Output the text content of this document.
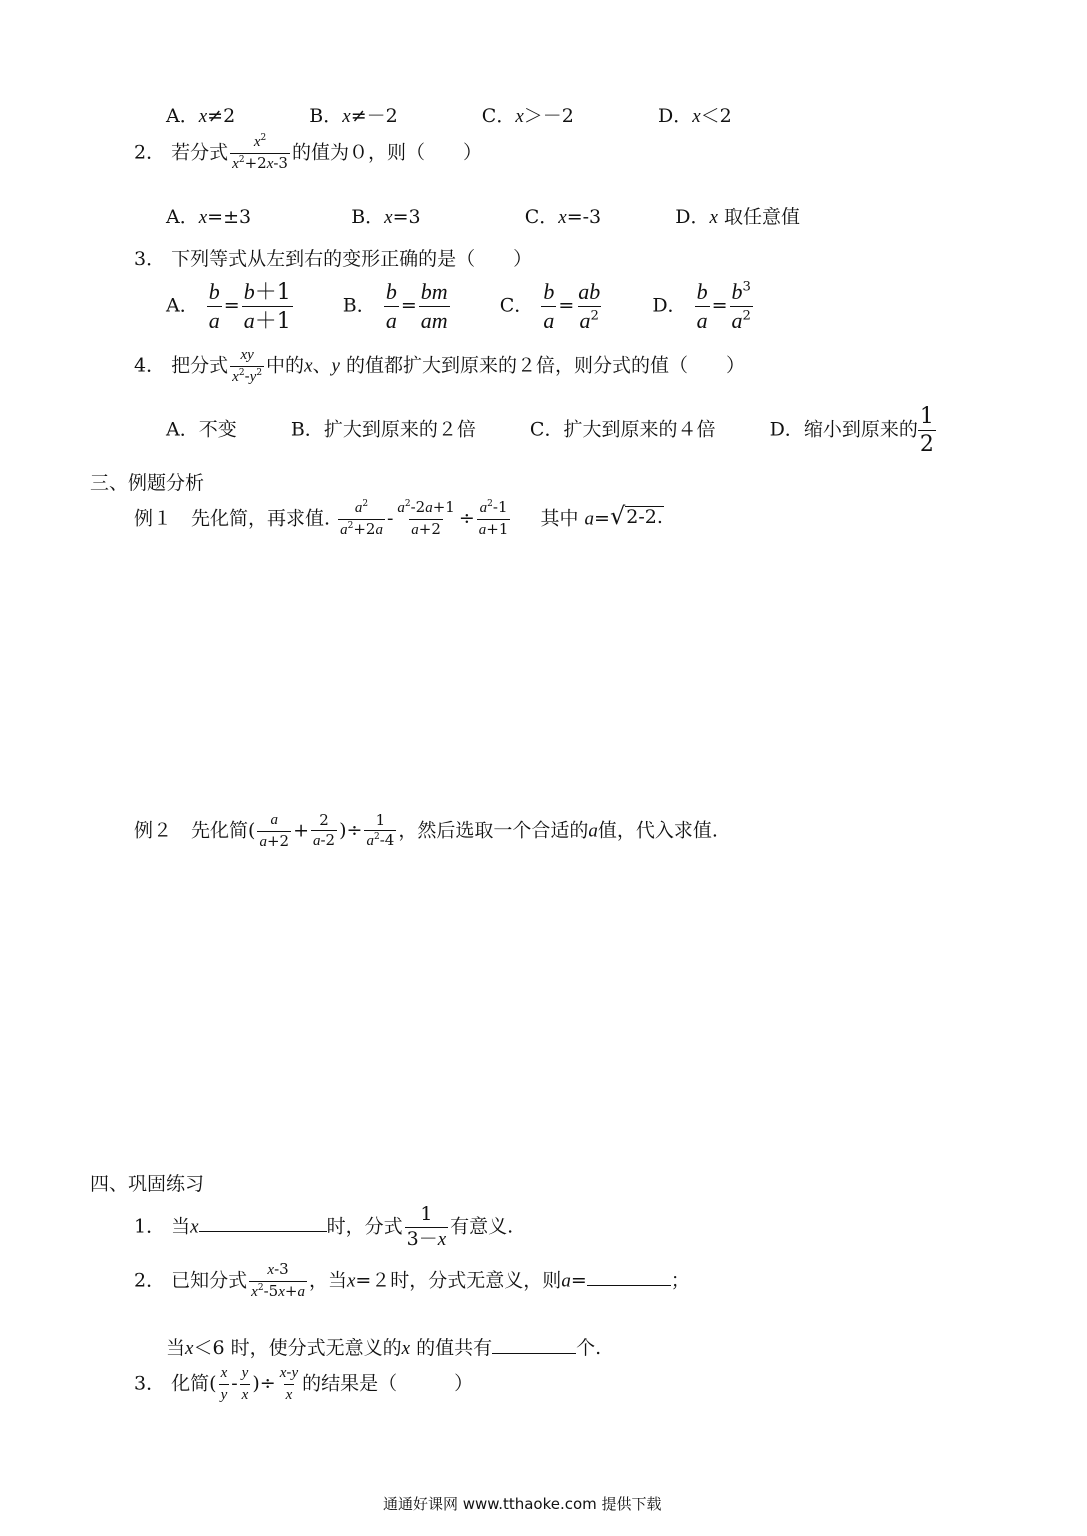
A．x≠2	B．x≠－2	C．x＞－2	D．x＜2
2． 若分式 $\frac{x^2}{x^2+2x-3}$ 的值为０，则（　　）
A．x=±3	B．x=3	C．x=-3	D．x 取任意值
3． 下列等式从左到右的变形正确的是（　　）
A． $\frac{b}{a} = \frac{b+1}{a+1}$	B． $\frac{b}{a} = \frac{bm}{am}$	C． $\frac{b}{a} = \frac{ab}{a^2}$	D． $\frac{b}{a} = \frac{b^3}{a^2}$
4． 把分式 $\frac{xy}{x^2-y^2}$ 中的x、y 的值都扩大到原来的２倍，则分式的值（　　）
A．不变	B．扩大到原来的２倍	C．扩大到原来的４倍	D．缩小到原来的 $\frac{1}{2}$
三、例题分析
例１　先化简，再求值. $\frac{a^2}{a^2+2a} - \frac{a^2-2a+1}{a+2} \div \frac{a^2-1}{a+1}$ 其中 a= √ 2-2.
例２　先化简( $\frac{a}{a+2} + \frac{2}{a-2}$ )÷ $\frac{1}{a^2-4}$ ，然后选取一个合适的a值，代入求值.
四、巩固练习
1． 当x	时，分式 $\frac{1}{3-x}$ 有意义.
2． 已知分式 $\frac{x-3}{x^2-5x+a}$ ，当x=２时，分式无意义，则a=	；
当x＜6 时，使分式无意义的x 的值共有	个.
3． 化简( $\frac{x}{y} - \frac{y}{x}$ )÷ $\frac{x-y}{x}$ 的结果是（　　　）
通通好课网 www.tthaoke.com 提供下载
